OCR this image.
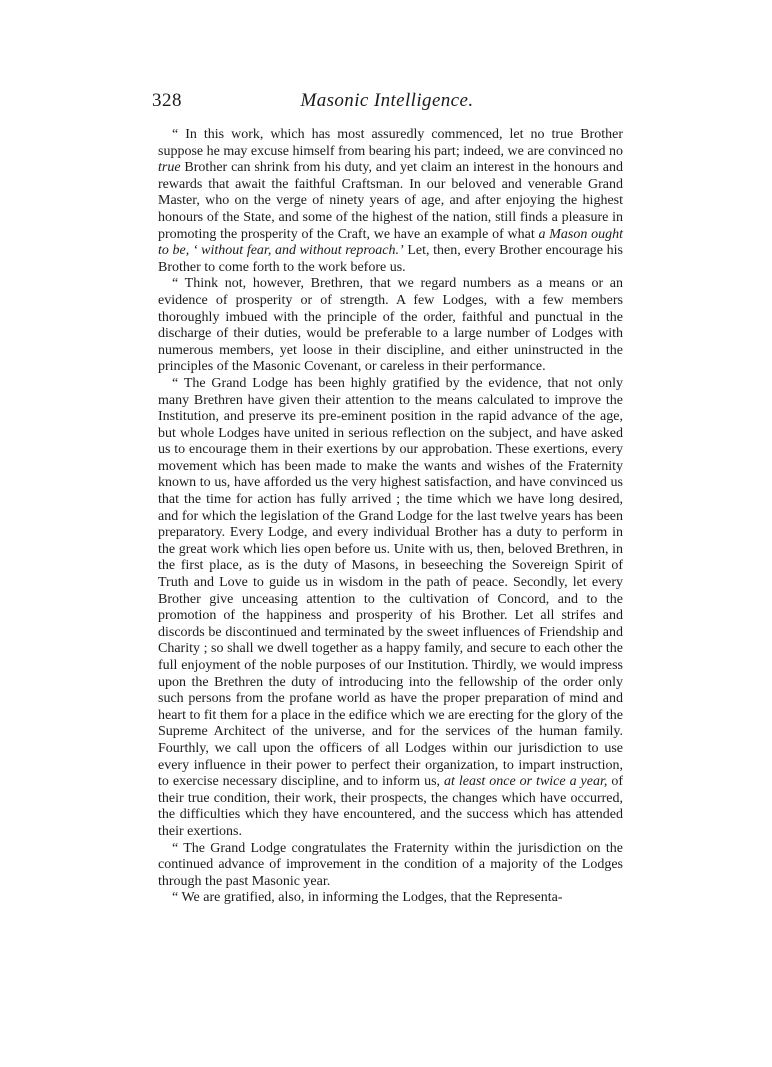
328	Masonic Intelligence.

“ In this work, which has most assuredly commenced, let no true Brother suppose he may excuse himself from bearing his part; indeed, we are convinced no true Brother can shrink from his duty, and yet claim an interest in the honours and rewards that await the faithful Craftsman. In our beloved and venerable Grand Master, who on the verge of ninety years of age, and after enjoying the highest honours of the State, and some of the highest of the nation, still finds a pleasure in promoting the prosperity of the Craft, we have an example of what a Mason ought to be, ‘ without fear, and without reproach.’ Let, then, every Brother encourage his Brother to come forth to the work before us.

“ Think not, however, Brethren, that we regard numbers as a means or an evidence of prosperity or of strength. A few Lodges, with a few members thoroughly imbued with the principle of the order, faithful and punctual in the discharge of their duties, would be preferable to a large number of Lodges with numerous members, yet loose in their discipline, and either uninstructed in the principles of the Masonic Covenant, or careless in their performance.

“ The Grand Lodge has been highly gratified by the evidence, that not only many Brethren have given their attention to the means calculated to improve the Institution, and preserve its pre-eminent position in the rapid advance of the age, but whole Lodges have united in serious reflection on the subject, and have asked us to encourage them in their exertions by our approbation. These exertions, every movement which has been made to make the wants and wishes of the Fraternity known to us, have afforded us the very highest satisfaction, and have convinced us that the time for action has fully arrived ; the time which we have long desired, and for which the legislation of the Grand Lodge for the last twelve years has been preparatory. Every Lodge, and every individual Brother has a duty to perform in the great work which lies open before us. Unite with us, then, beloved Brethren, in the first place, as is the duty of Masons, in beseeching the Sovereign Spirit of Truth and Love to guide us in wisdom in the path of peace. Secondly, let every Brother give unceasing attention to the cultivation of Concord, and to the promotion of the happiness and prosperity of his Brother. Let all strifes and discords be discontinued and terminated by the sweet influences of Friendship and Charity ; so shall we dwell together as a happy family, and secure to each other the full enjoyment of the noble purposes of our Institution. Thirdly, we would impress upon the Brethren the duty of introducing into the fellowship of the order only such persons from the profane world as have the proper preparation of mind and heart to fit them for a place in the edifice which we are erecting for the glory of the Supreme Architect of the universe, and for the services of the human family. Fourthly, we call upon the officers of all Lodges within our jurisdiction to use every influence in their power to perfect their organization, to impart instruction, to exercise necessary discipline, and to inform us, at least once or twice a year, of their true condition, their work, their prospects, the changes which have occurred, the difficulties which they have encountered, and the success which has attended their exertions.

“ The Grand Lodge congratulates the Fraternity within the jurisdiction on the continued advance of improvement in the condition of a majority of the Lodges through the past Masonic year.

“ We are gratified, also, in informing the Lodges, that the Representa-
